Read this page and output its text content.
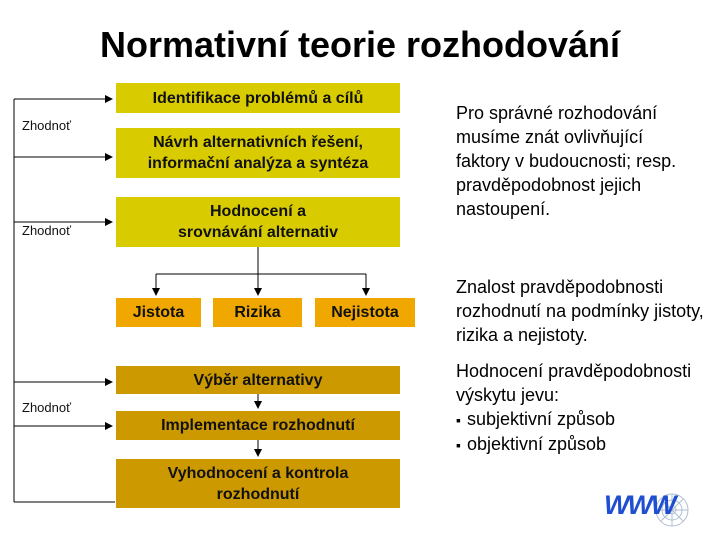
Normativní teorie rozhodování
Zhodnoť
Zhodnoť
Zhodnoť
Identifikace problémů a cílů
Návrh alternativních řešení, informační analýza a syntéza
Hodnocení a srovnávání alternativ
Jistota	Rizika	Nejistota
Výběr alternativy
Implementace rozhodnutí
Vyhodnocení a kontrola rozhodnutí
Pro správné rozhodování musíme znát ovlivňující faktory v budoucnosti; resp. pravděpodobnost jejich nastoupení.
Znalost pravděpodobnosti rozhodnutí na podmínky jistoty, rizika a nejistoty.
Hodnocení pravděpodobnosti výskytu jevu:
▪ subjektivní způsob
▪ objektivní způsob
WWW
